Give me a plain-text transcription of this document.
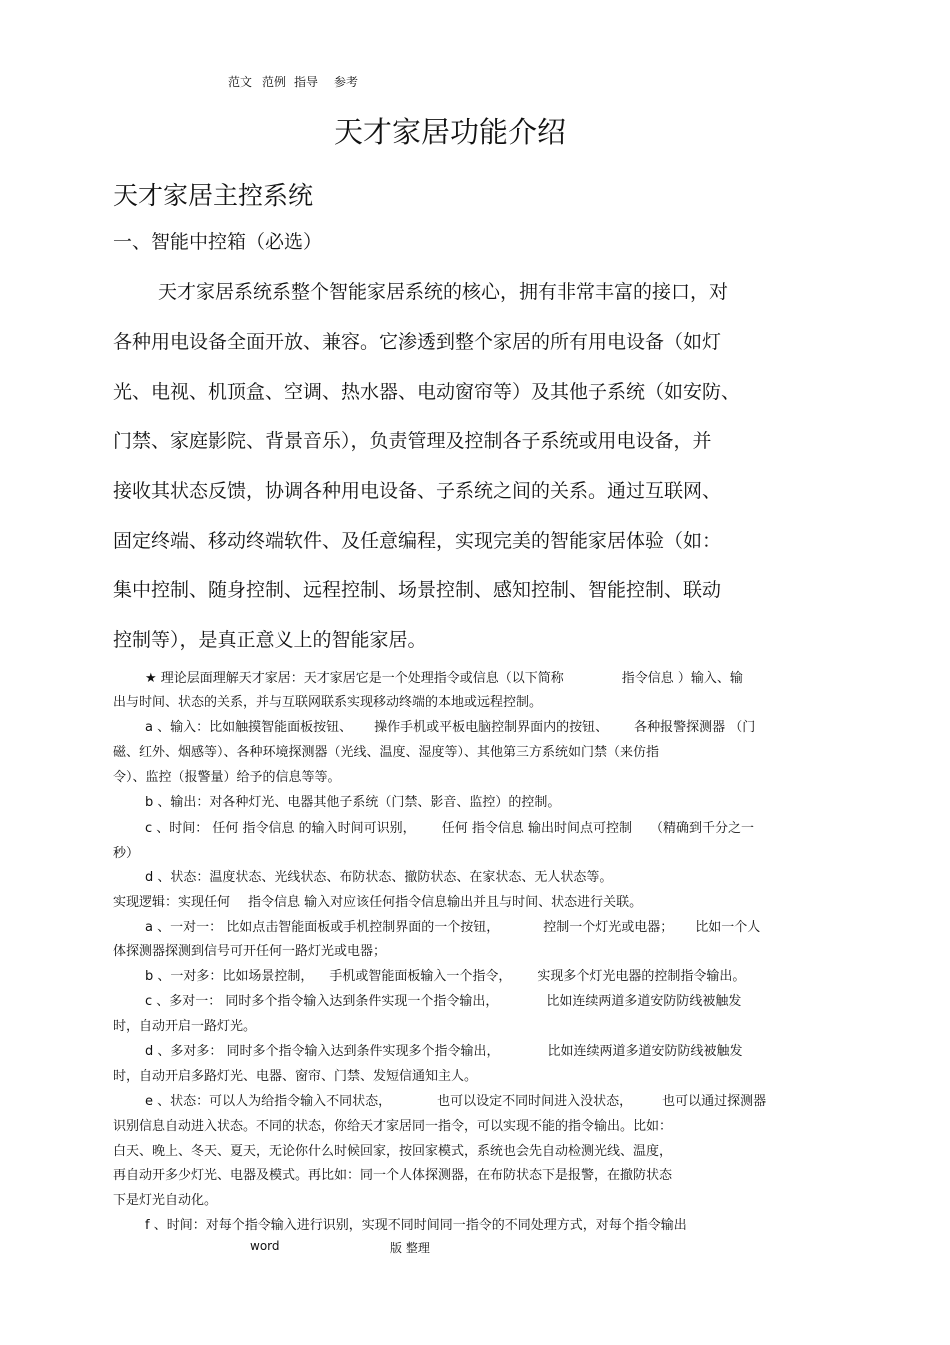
范文 范例 指导 参考
天才家居功能介绍
天才家居主控系统
一、智能中控箱（必选）
天才家居系统系整个智能家居系统的核心，拥有非常丰富的接口，对
各种用电设备全面开放、兼容。它渗透到整个家居的所有用电设备（如灯
光、电视、机顶盒、空调、热水器、电动窗帘等）及其他子系统（如安防、
门禁、家庭影院、背景音乐），负责管理及控制各子系统或用电设备，并
接收其状态反馈，协调各种用电设备、子系统之间的关系。通过互联网、
固定终端、移动终端软件、及任意编程，实现完美的智能家居体验（如：
集中控制、随身控制、远程控制、场景控制、感知控制、智能控制、联动
控制等），是真正意义上的智能家居。
★ 理论层面理解天才家居：天才家居它是一个处理指令或信息（以下简称	指令信息 ）输入、输
出与时间、状态的关系，并与互联网联系实现移动终端的本地或远程控制。
a 、输入：比如触摸智能面板按钮、 操作手机或平板电脑控制界面内的按钮、 各种报警探测器 （门
磁、红外、烟感等）、各种环境探测器（光线、温度、湿度等）、其他第三方系统如门禁（来仿指
令）、监控（报警量）给予的信息等等。
b 、输出：对各种灯光、电器其他子系统（门禁、影音、监控）的控制。
c 、时间： 任何 指令信息 的输入时间可识别， 任何 指令信息 输出时间点可控制 （精确到千分之一
秒）
d 、状态：温度状态、光线状态、布防状态、撤防状态、在家状态、无人状态等。
实现逻辑：实现任何 指令信息 输入对应该任何指令信息输出并且与时间、状态进行关联。
a 、一对一： 比如点击智能面板或手机控制界面的一个按钮，	控制一个灯光或电器； 比如一个人
体探测器探测到信号可开任何一路灯光或电器；
b 、一对多：比如场景控制， 手机或智能面板输入一个指令， 实现多个灯光电器的控制指令输出。
c 、多对一： 同时多个指令输入达到条件实现一个指令输出，	比如连续两道多道安防防线被触发
时，自动开启一路灯光。
d 、多对多： 同时多个指令输入达到条件实现多个指令输出，	比如连续两道多道安防防线被触发
时，自动开启多路灯光、电器、窗帘、门禁、发短信通知主人。
e 、状态：可以人为给指令输入不同状态，	也可以设定不同时间进入没状态， 也可以通过探测器
识别信息自动进入状态。不同的状态，你给天才家居同一指令，可以实现不能的指令输出。比如：
白天、晚上、冬天、夏天，无论你什么时候回家，按回家模式，系统也会先自动检测光线、温度，
再自动开多少灯光、电器及模式。再比如：同一个人体探测器，在布防状态下是报警，在撤防状态
下是灯光自动化。
f 、时间：对每个指令输入进行识别，实现不同时间同一指令的不同处理方式，对每个指令输出
word	版 整理
